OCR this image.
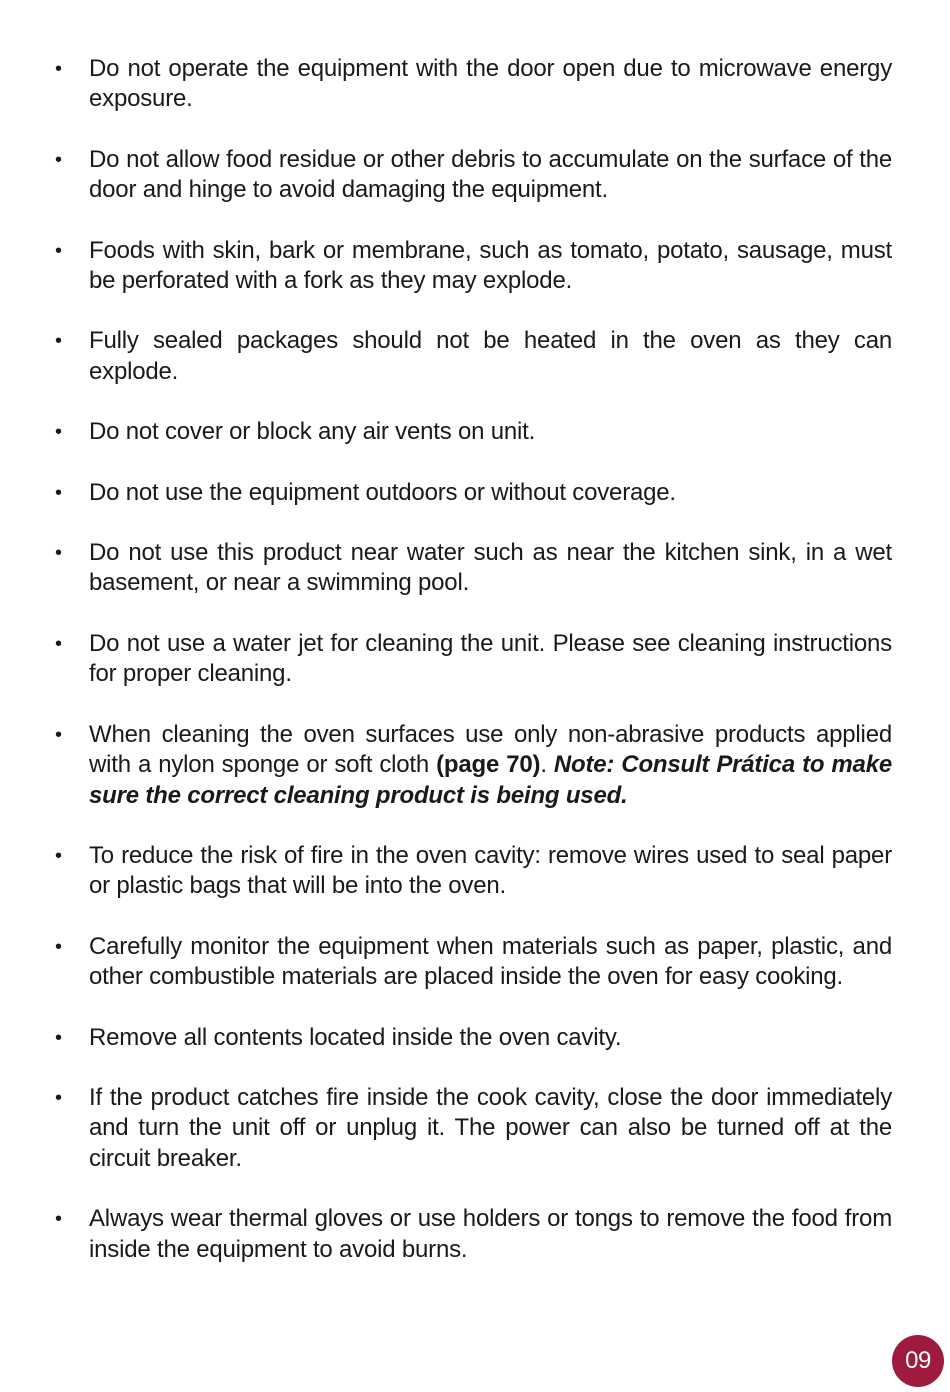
• Do not operate the equipment with the door open due to microwave energy exposure.
• Do not allow food residue or other debris to accumulate on the surface of the door and hinge to avoid damaging the equipment.
• Foods with skin, bark or membrane, such as tomato, potato, sausage, must be perforated with a fork as they may explode.
• Fully sealed packages should not be heated in the oven as they can explode.
• Do not cover or block any air vents on unit.
• Do not use the equipment outdoors or without coverage.
• Do not use this product near water such as near the kitchen sink, in a wet basement, or near a swimming pool.
• Do not use a water jet for cleaning the unit. Please see cleaning instructions for proper cleaning.
• When cleaning the oven surfaces use only non-abrasive products applied with a nylon sponge or soft cloth (page 70). Note: Consult Prática to make sure the correct cleaning product is being used.
• To reduce the risk of fire in the oven cavity: remove wires used to seal paper or plastic bags that will be into the oven.
• Carefully monitor the equipment when materials such as paper, plastic, and other combustible materials are placed inside the oven for easy cooking.
• Remove all contents located inside the oven cavity.
• If the product catches fire inside the cook cavity, close the door immediately and turn the unit off or unplug it. The power can also be turned off at the circuit breaker.
• Always wear thermal gloves or use holders or tongs to remove the food from inside the equipment to avoid burns.
09
